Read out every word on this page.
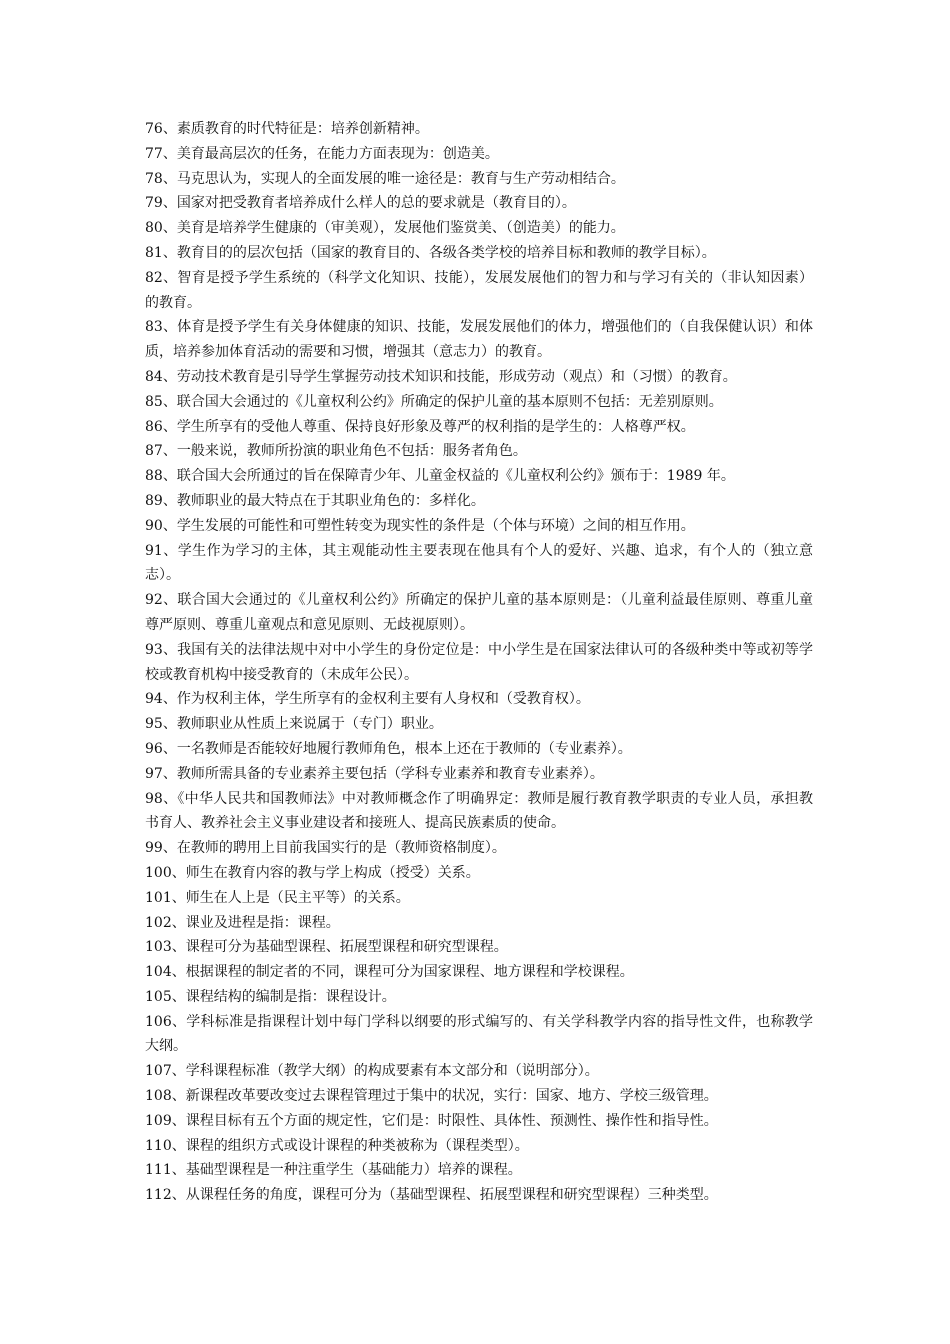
76、素质教育的时代特征是：培养创新精神。

77、美育最高层次的任务，在能力方面表现为：创造美。

78、马克思认为，实现人的全面发展的唯一途径是：教育与生产劳动相结合。

79、国家对把受教育者培养成什么样人的总的要求就是（教育目的）。

80、美育是培养学生健康的（审美观），发展他们鉴赏美、（创造美）的能力。

81、教育目的的层次包括（国家的教育目的、各级各类学校的培养目标和教师的教学目标）。

82、智育是授予学生系统的（科学文化知识、技能），发展发展他们的智力和与学习有关的（非认知因素）的教育。

83、体育是授予学生有关身体健康的知识、技能，发展发展他们的体力，增强他们的（自我保健认识）和体质，培养参加体育活动的需要和习惯，增强其（意志力）的教育。

84、劳动技术教育是引导学生掌握劳动技术知识和技能，形成劳动（观点）和（习惯）的教育。

85、联合国大会通过的《儿童权利公约》所确定的保护儿童的基本原则不包括：无差别原则。

86、学生所享有的受他人尊重、保持良好形象及尊严的权利指的是学生的：人格尊严权。

87、一般来说，教师所扮演的职业角色不包括：服务者角色。

88、联合国大会所通过的旨在保障青少年、儿童金权益的《儿童权利公约》颁布于：1989 年。

89、教师职业的最大特点在于其职业角色的：多样化。

90、学生发展的可能性和可塑性转变为现实性的条件是（个体与环境）之间的相互作用。

91、学生作为学习的主体，其主观能动性主要表现在他具有个人的爱好、兴趣、追求，有个人的（独立意志）。

92、联合国大会通过的《儿童权利公约》所确定的保护儿童的基本原则是：（儿童利益最佳原则、尊重儿童尊严原则、尊重儿童观点和意见原则、无歧视原则）。

93、我国有关的法律法规中对中小学生的身份定位是：中小学生是在国家法律认可的各级种类中等或初等学校或教育机构中接受教育的（未成年公民）。

94、作为权利主体，学生所享有的金权利主要有人身权和（受教育权）。

95、教师职业从性质上来说属于（专门）职业。

96、一名教师是否能较好地履行教师角色，根本上还在于教师的（专业素养）。

97、教师所需具备的专业素养主要包括（学科专业素养和教育专业素养）。

98、《中华人民共和国教师法》中对教师概念作了明确界定：教师是履行教育教学职责的专业人员，承担教书育人、教养社会主义事业建设者和接班人、提高民族素质的使命。

99、在教师的聘用上目前我国实行的是（教师资格制度）。

100、师生在教育内容的教与学上构成（授受）关系。

101、师生在人上是（民主平等）的关系。

102、课业及进程是指：课程。

103、课程可分为基础型课程、拓展型课程和研究型课程。

104、根据课程的制定者的不同，课程可分为国家课程、地方课程和学校课程。

105、课程结构的编制是指：课程设计。

106、学科标准是指课程计划中每门学科以纲要的形式编写的、有关学科教学内容的指导性文件，也称教学大纲。

107、学科课程标准（教学大纲）的构成要素有本文部分和（说明部分）。

108、新课程改革要改变过去课程管理过于集中的状况，实行：国家、地方、学校三级管理。

109、课程目标有五个方面的规定性，它们是：时限性、具体性、预测性、操作性和指导性。

110、课程的组织方式或设计课程的种类被称为（课程类型）。

111、基础型课程是一种注重学生（基础能力）培养的课程。

112、从课程任务的角度，课程可分为（基础型课程、拓展型课程和研究型课程）三种类型。
